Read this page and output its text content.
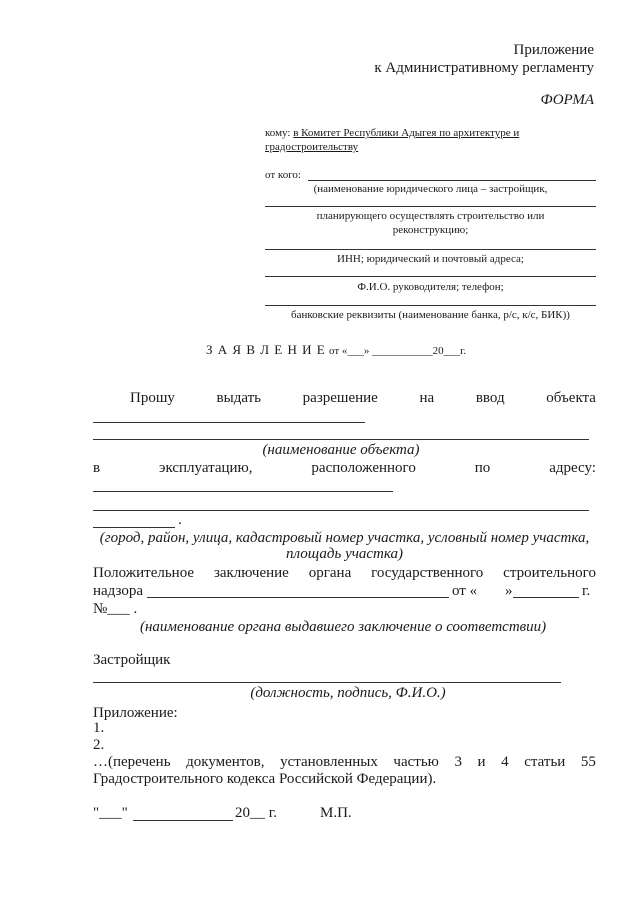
Приложение
к Административному регламенту
ФОРМА
кому: в Комитет Республики Адыгея по архитектуре и
градостроительству
от кого:
(наименование юридического лица – застройщик,
планирующего осуществлять строительство или
реконструкцию;
ИНН; юридический и почтовый адреса;
Ф.И.О. руководителя; телефон;
банковские реквизиты (наименование банка, р/с, к/с, БИК))
З А Я В Л Е Н И Е от «___» ___________20___г.
Прошу	выдать	разрешение	на	ввод	объекта
(наименование объекта)
в	эксплуатацию,	расположенного	по	адресу:
.
(город, район, улица, кадастровый номер участка, условный номер участка,
площадь участка)
Положительное заключение органа государственного строительного
надзора	от « »	г.
№___ .
(наименование органа выдавшего заключение о соответствии)
Застройщик
(должность, подпись, Ф.И.О.)
Приложение:
1.
2.
…(перечень документов, установленных частью 3 и 4 статьи 55
Градостроительного кодекса Российской Федерации).
"___"	20__ г.	М.П.
